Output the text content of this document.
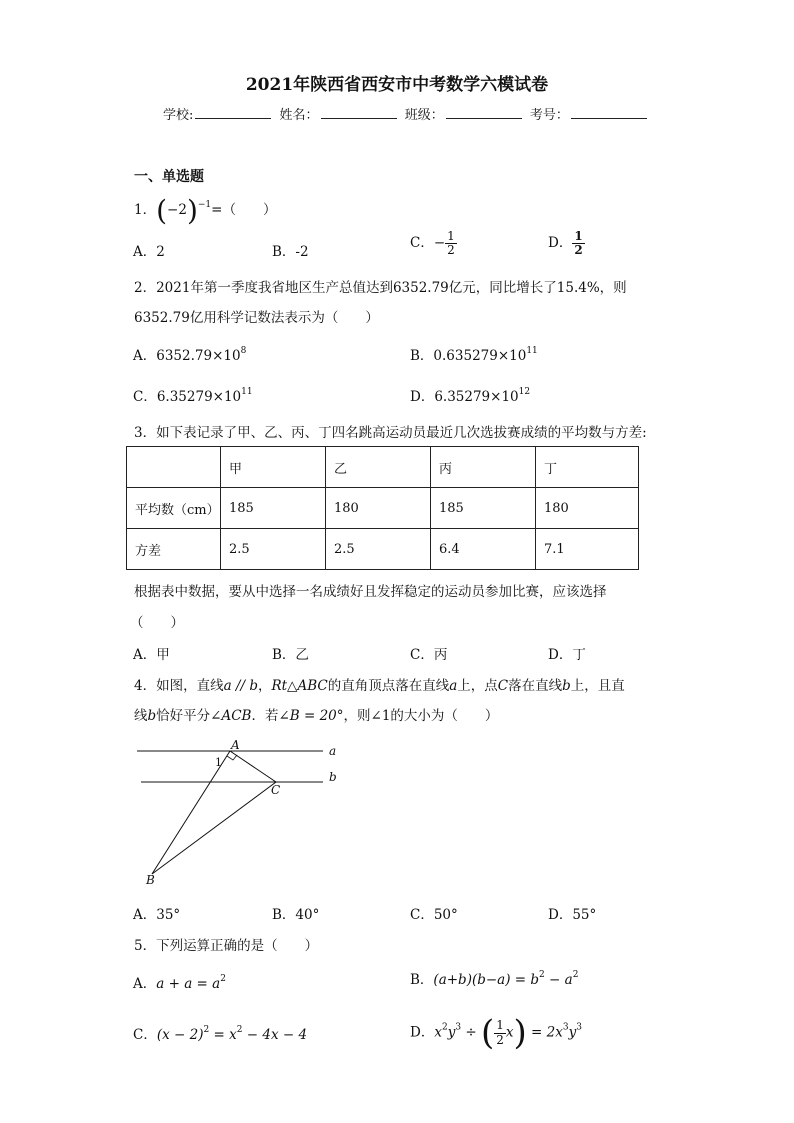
2021年陕西省西安市中考数学六模试卷
学校:	姓名：	班级：	考号：
一、单选题
1．$(-2)^{-1}=$（　　）
A．2	B．-2
C．− $\frac{1}{2}$	D． $\frac{1}{2}$
2．2021年第一季度我省地区生产总值达到6352.79亿元，同比增长了15.4%，则
6352.79亿用科学记数法表示为（　　）
A．$6352.79\times 10^8$	B．$0.635279\times 10^{11}$
C．$6.35279\times 10^{11}$	D．$6.35279\times 10^{12}$
3．如下表记录了甲、乙、丙、丁四名跳高运动员最近几次选拔赛成绩的平均数与方差:
	甲	乙	丙	丁
平均数（cm）	185	180	185	180
方差	2.5	2.5	6.4	7.1
根据表中数据，要从中选择一名成绩好且发挥稳定的运动员参加比赛，应该选择
（　　）
A．甲	B．乙	C．丙	D．丁
4．如图，直线a // b，Rt△ABC的直角顶点落在直线a上，点C落在直线b上，且直
线b恰好平分∠ACB．若∠B = 20°，则∠1的大小为（　　）
A
C
B
a
b
1
A．35°	B．40°	C．50°	D．55°
5．下列运算正确的是（　　）
A．$a + a = a^2$	B．$(a+b)(b-a) = b^2 - a^2$
C．$(x - 2)^2 = x^2 - 4x - 4$	D．$x^2y^3$ ÷ ( $\frac{1}{2} x) = 2x^3y^3$
